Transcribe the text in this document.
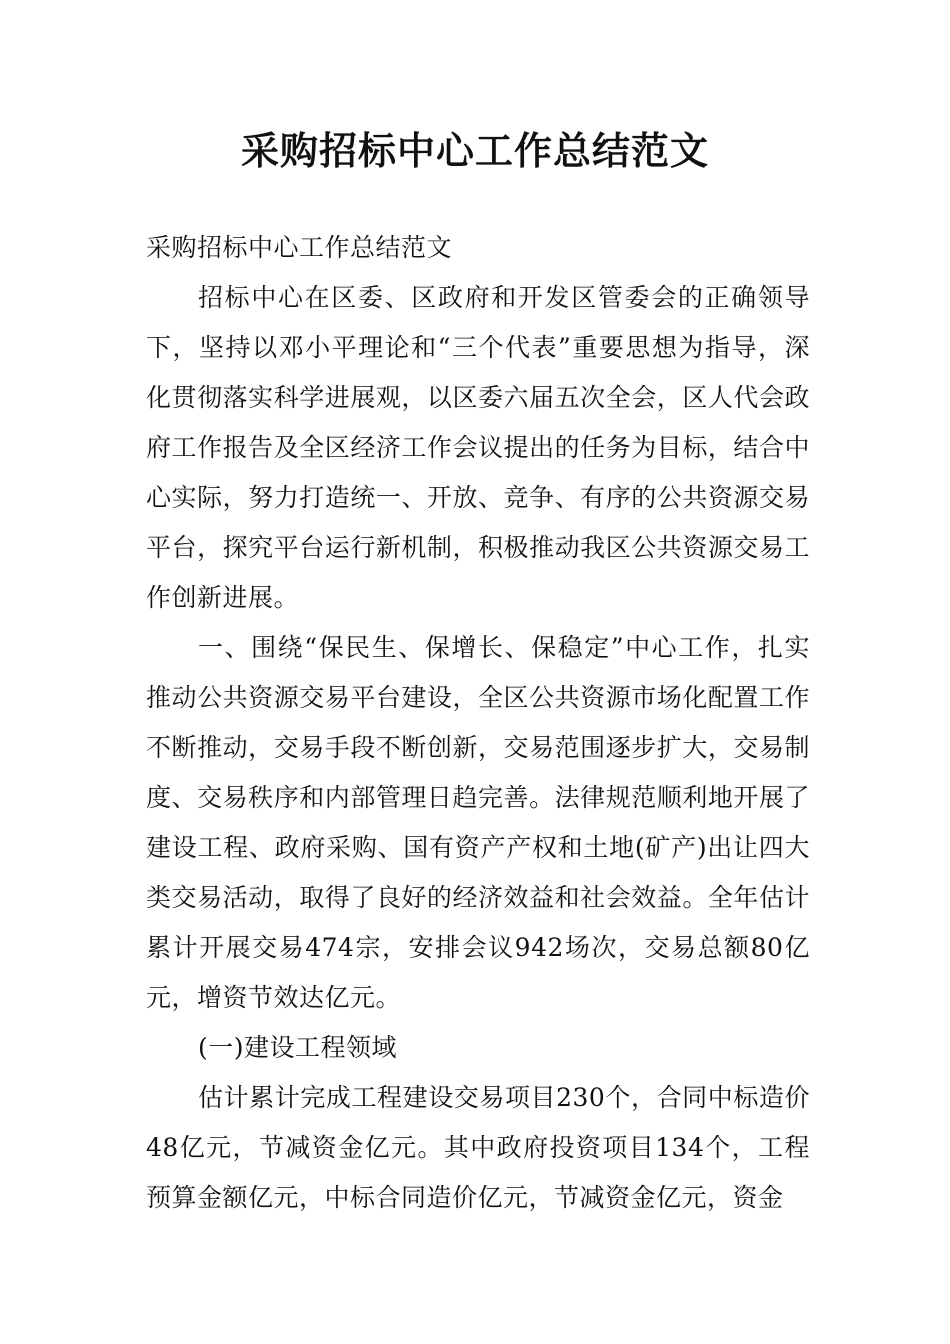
采购招标中心工作总结范文

采购招标中心工作总结范文

招标中心在区委、区政府和开发区管委会的正确领导下，坚持以邓小平理论和“三个代表”重要思想为指导，深化贯彻落实科学进展观，以区委六届五次全会，区人代会政府工作报告及全区经济工作会议提出的任务为目标，结合中心实际，努力打造统一、开放、竞争、有序的公共资源交易平台，探究平台运行新机制，积极推动我区公共资源交易工作创新进展。

一、围绕“保民生、保增长、保稳定”中心工作，扎实推动公共资源交易平台建设，全区公共资源市场化配置工作不断推动，交易手段不断创新，交易范围逐步扩大，交易制度、交易秩序和内部管理日趋完善。法律规范顺利地开展了建设工程、政府采购、国有资产产权和土地(矿产)出让四大类交易活动，取得了良好的经济效益和社会效益。全年估计累计开展交易474宗，安排会议942场次，交易总额80亿元，增资节效达亿元。

(一)建设工程领域

估计累计完成工程建设交易项目230个，合同中标造价48亿元，节减资金亿元。其中政府投资项目134个，工程预算金额亿元，中标合同造价亿元，节减资金亿元，资金
